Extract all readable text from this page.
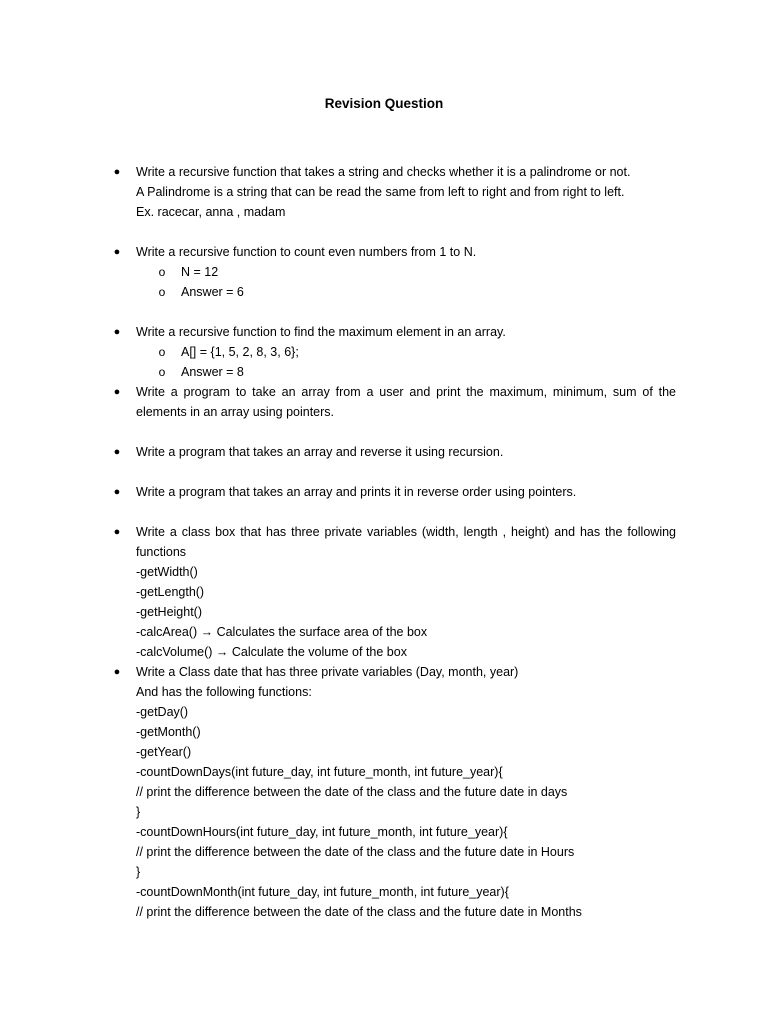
Revision Question
● Write a recursive function that takes a string and checks whether it is a palindrome or not.
A Palindrome is a string that can be read the same from left to right and from right to left.
Ex. racecar, anna , madam
● Write a recursive function to count even numbers from 1 to N.
o N = 12
o Answer = 6
● Write a recursive function to find the maximum element in an array.
o A[] = {1, 5, 2, 8, 3, 6};
o Answer = 8
● Write a program to take an array from a user and print the maximum, minimum, sum of the elements in an array using pointers.
● Write a program that takes an array and reverse it using recursion.
● Write a program that takes an array and prints it in reverse order using pointers.
● Write a class box that has three private variables (width, length , height) and has the following functions
-getWidth()
-getLength()
-getHeight()
-calcArea() → Calculates the surface area of the box
-calcVolume() → Calculate the volume of the box
● Write a Class date that has three private variables (Day, month, year)
And has the following functions:
-getDay()
-getMonth()
-getYear()
-countDownDays(int future_day, int future_month, int future_year){
// print the difference between the date of the class and the future date in days
}
-countDownHours(int future_day, int future_month, int future_year){
// print the difference between the date of the class and the future date in Hours
}
-countDownMonth(int future_day, int future_month, int future_year){
// print the difference between the date of the class and the future date in Months
